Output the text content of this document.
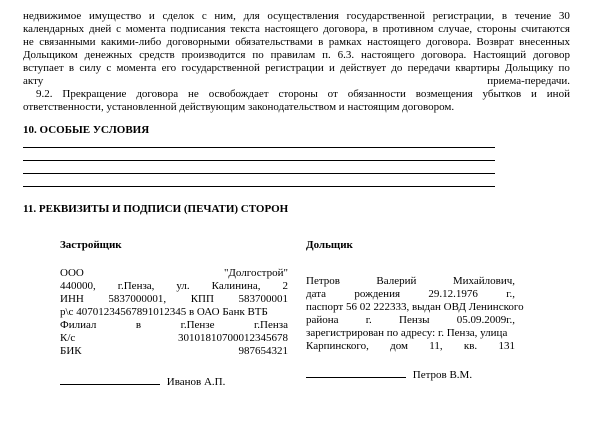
недвижимое имущество и сделок с ним, для осуществления государственной регистрации, в течение 30
календарных дней с момента подписания текста настоящего договора, в противном случае, стороны считаются
не связанными какими-либо договорными обязательствами в рамках настоящего договора. Возврат внесенных
Дольщиком денежных средств производится по правилам п. 6.3. настоящего договора. Настоящий договор
вступает в силу с момента его государственной регистрации и действует до передачи квартиры Дольщику по
акту	приема-передачи.
9.2. Прекращение договора не освобождает стороны от обязанности возмещения убытков и иной
ответственности, установленной действующим законодательством и настоящим договором.
10. ОСОБЫЕ УСЛОВИЯ
11. РЕКВИЗИТЫ И ПОДПИСИ (ПЕЧАТИ) СТОРОН
Застройщик
ООО	"Долгострой"
440000, г.Пенза, ул. Калинина, 2
ИНН 5837000001, КПП 583700001
р\с 40701234567891012345 в ОАО Банк ВТБ
Филиал	в	г.Пензе	г.Пенза
К/с	30101810700012345678
БИК	987654321
Иванов А.П.
Дольщик
Петров	Валерий	Михайлович,
дата	рождения	29.12.1976	г.,
паспорт 56 02 222333, выдан ОВД Ленинского
района г. Пензы 05.09.2009г.,
зарегистрирован по адресу: г. Пенза, улица
Карпинского, дом 11, кв. 131
Петров В.М.
